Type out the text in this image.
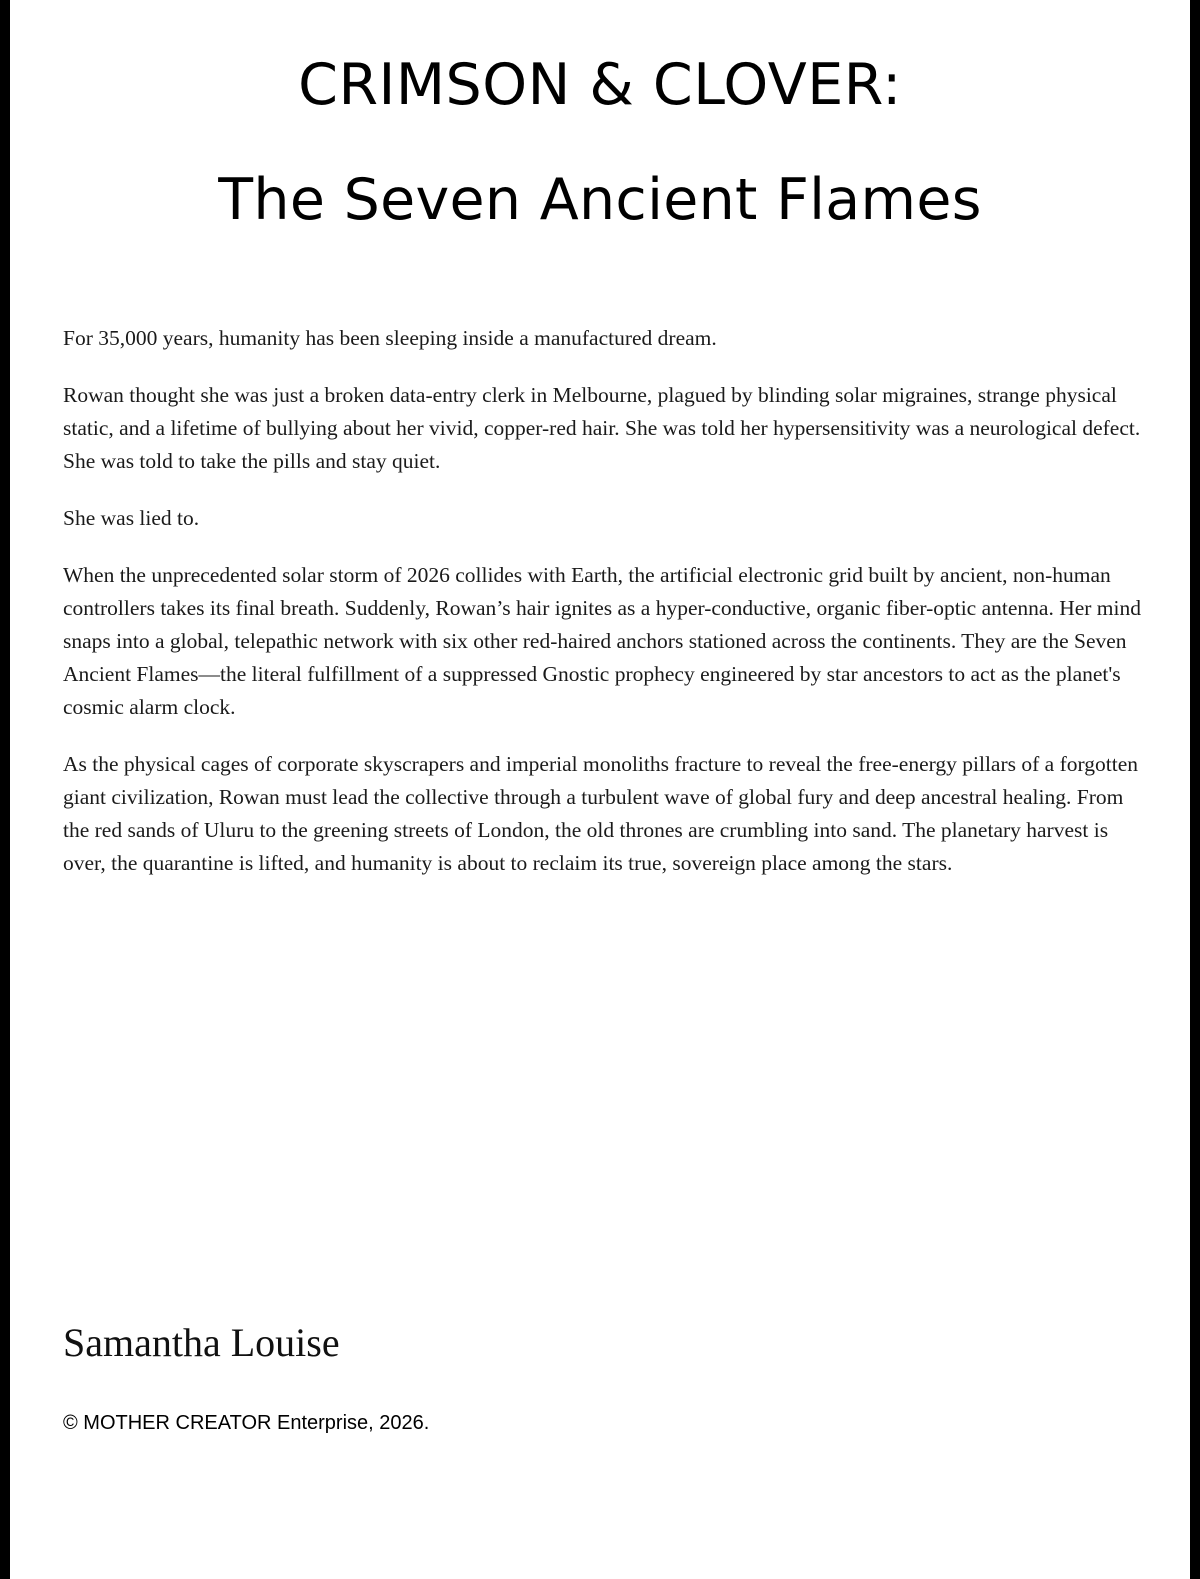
CRIMSON & CLOVER:
The Seven Ancient Flames

For 35,000 years, humanity has been sleeping inside a manufactured dream.

Rowan thought she was just a broken data-entry clerk in Melbourne, plagued by blinding solar migraines, strange physical static, and a lifetime of bullying about her vivid, copper-red hair. She was told her hypersensitivity was a neurological defect. She was told to take the pills and stay quiet.

She was lied to.

When the unprecedented solar storm of 2026 collides with Earth, the artificial electronic grid built by ancient, non-human controllers takes its final breath. Suddenly, Rowan’s hair ignites as a hyper-conductive, organic fiber-optic antenna. Her mind snaps into a global, telepathic network with six other red-haired anchors stationed across the continents. They are the Seven Ancient Flames—the literal fulfillment of a suppressed Gnostic prophecy engineered by star ancestors to act as the planet's cosmic alarm clock.

As the physical cages of corporate skyscrapers and imperial monoliths fracture to reveal the free-energy pillars of a forgotten giant civilization, Rowan must lead the collective through a turbulent wave of global fury and deep ancestral healing. From the red sands of Uluru to the greening streets of London, the old thrones are crumbling into sand. The planetary harvest is over, the quarantine is lifted, and humanity is about to reclaim its true, sovereign place among the stars.

Samantha Louise

© MOTHER CREATOR Enterprise, 2026.
